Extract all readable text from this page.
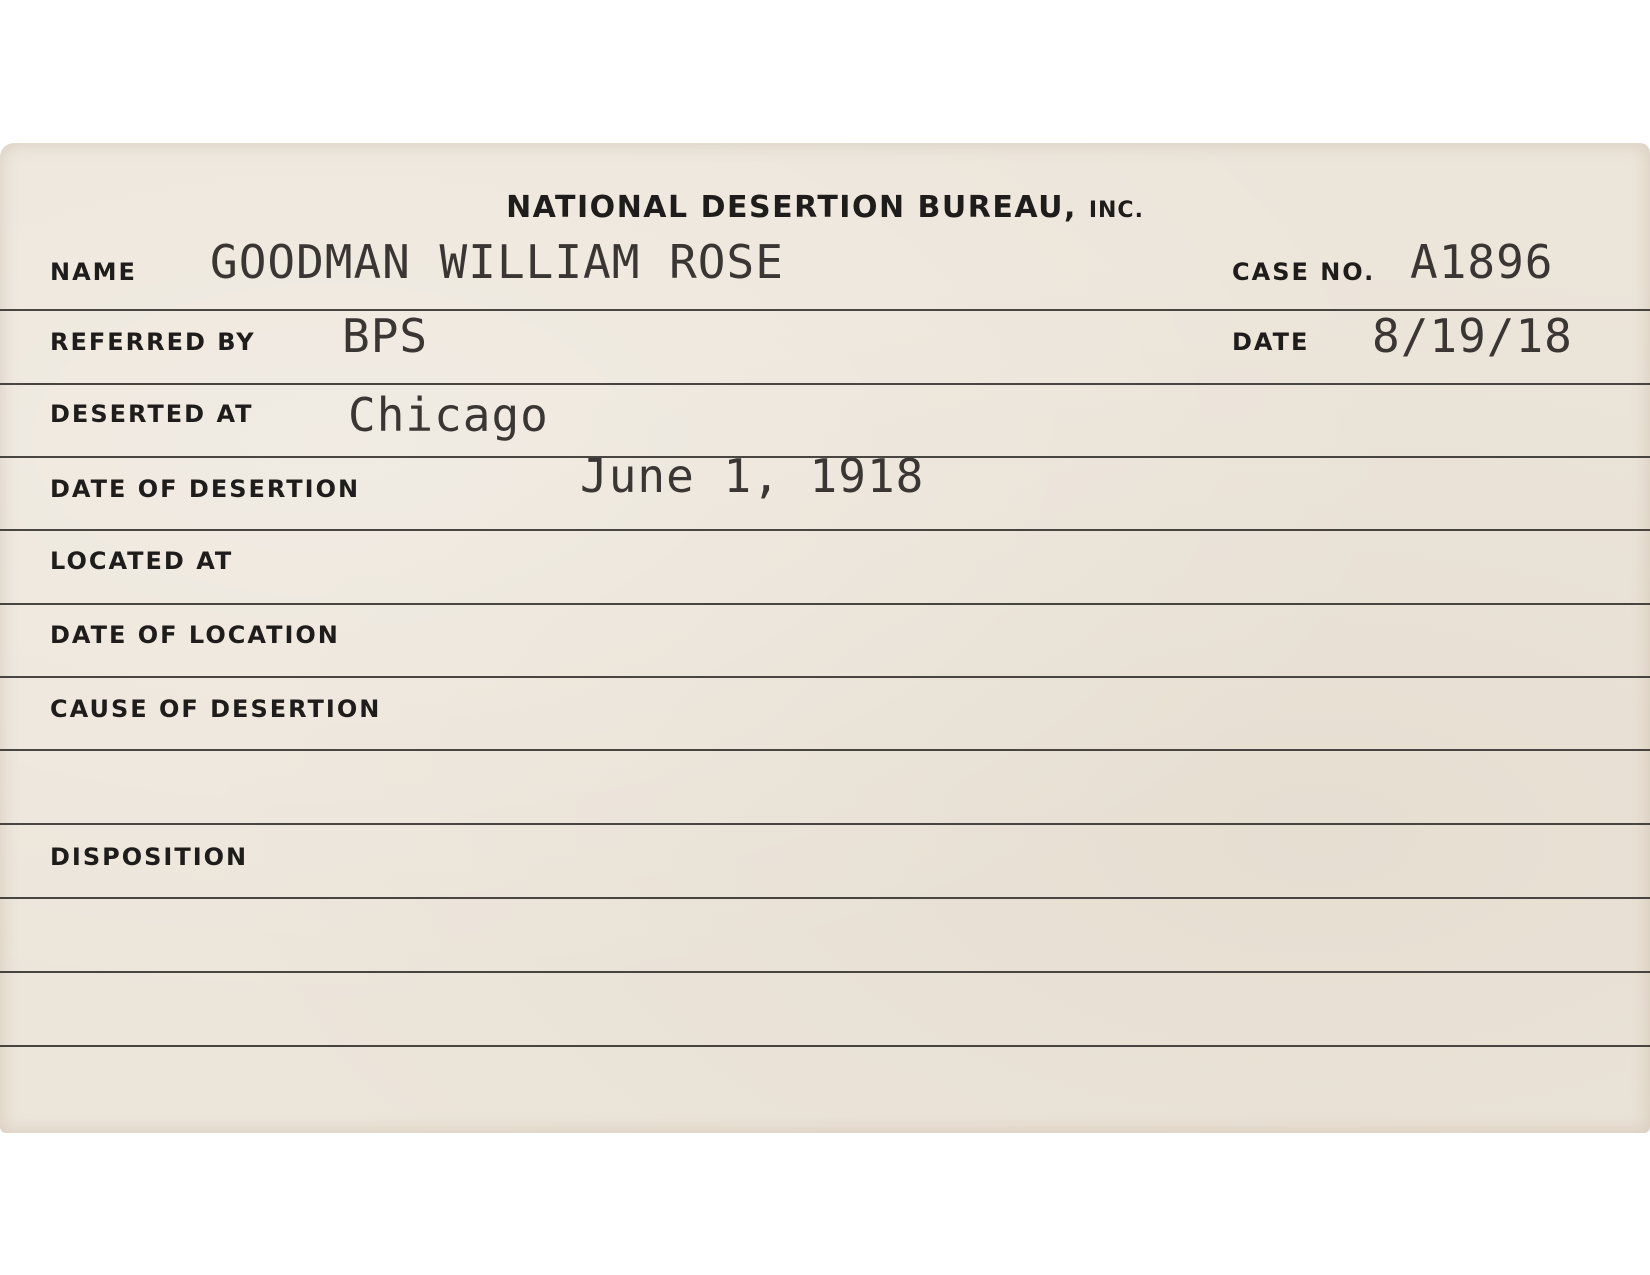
NATIONAL DESERTION BUREAU, INC.
NAME GOODMAN WILLIAM ROSE	CASE NO. A1896
REFERRED BY BPS	DATE 8/19/18
DESERTED AT Chicago
DATE OF DESERTION	June 1, 1918
LOCATED AT
DATE OF LOCATION
CAUSE OF DESERTION
DISPOSITION
